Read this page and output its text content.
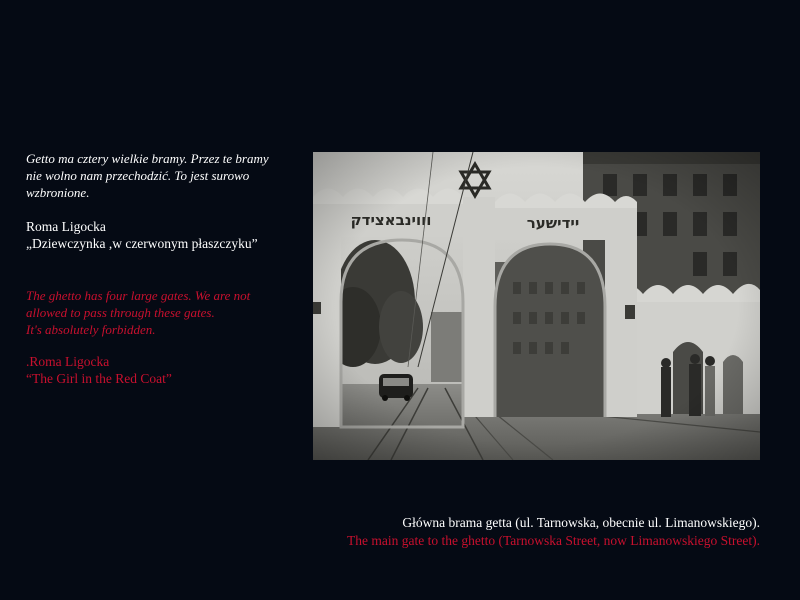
Getto ma cztery wielkie bramy. Przez te bramy
nie wolno nam przechodzić. To jest surowo
wzbronione.
Roma Ligocka
„Dziewczynka ,w czerwonym płaszczyku”
The ghetto has four large gates. We are not
allowed to pass through these gates.
It's absolutely forbidden.
.Roma Ligocka
“The Girl in the Red Coat”

Główna brama getta (ul. Tarnowska, obecnie ul. Limanowskiego).

The main gate to the ghetto (Tarnowska Street, now Limanowskiego Street).
